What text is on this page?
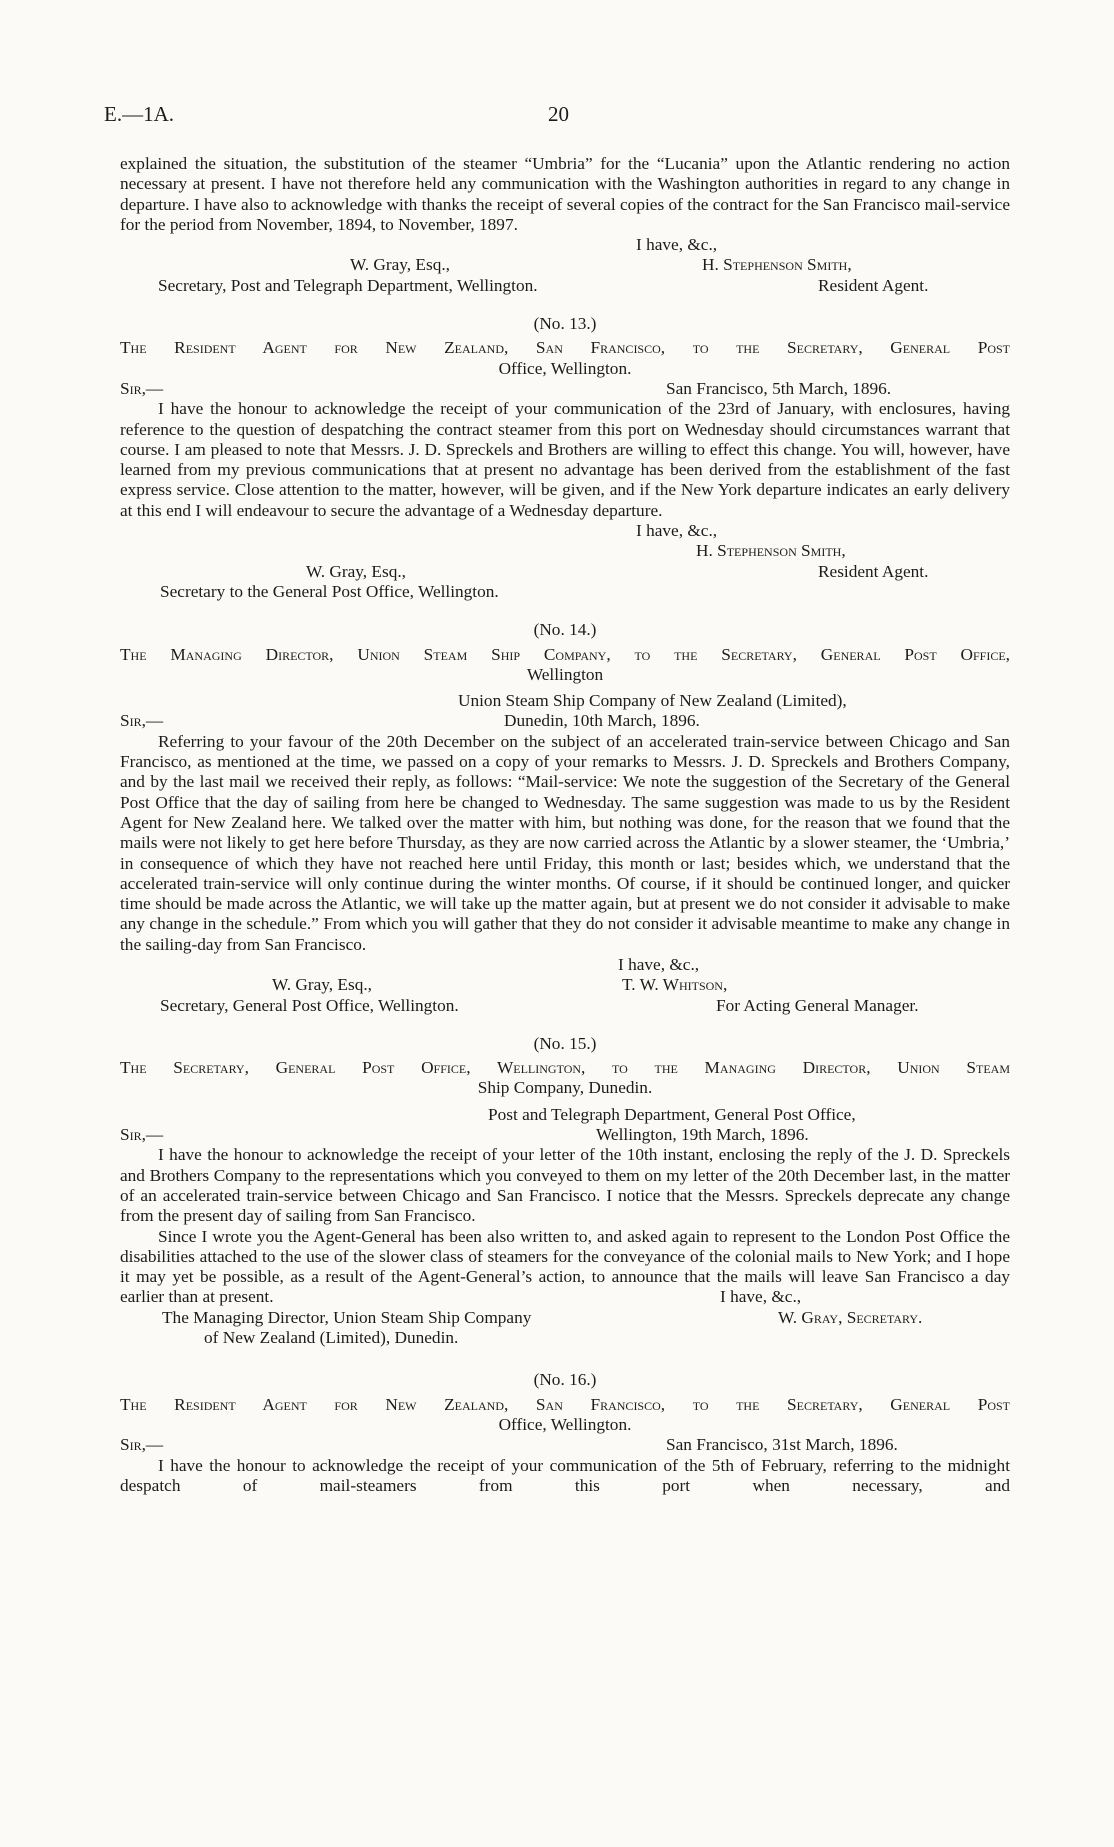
E.—1A.	20

explained the situation, the substitution of the steamer “Umbria” for the “Lucania” upon the Atlantic rendering no action necessary at present. I have not therefore held any communication with the Washington authorities in regard to any change in departure. I have also to acknowledge with thanks the receipt of several copies of the contract for the San Francisco mail-service for the period from November, 1894, to November, 1897.

I have, &c.,
W. Gray, Esq.,	H. Stephenson Smith,
Secretary, Post and Telegraph Department, Wellington.	Resident Agent.
(No. 13.)
The Resident Agent for New Zealand, San Francisco, to the Secretary, General Post
Office, Wellington.
Sir,—	San Francisco, 5th March, 1896.

I have the honour to acknowledge the receipt of your communication of the 23rd of January, with enclosures, having reference to the question of despatching the contract steamer from this port on Wednesday should circumstances warrant that course. I am pleased to note that Messrs. J. D. Spreckels and Brothers are willing to effect this change. You will, however, have learned from my previous communications that at present no advantage has been derived from the establishment of the fast express service. Close attention to the matter, however, will be given, and if the New York departure indicates an early delivery at this end I will endeavour to secure the advantage of a Wednesday departure.

I have, &c.,
H. Stephenson Smith,
W. Gray, Esq.,	Resident Agent.
Secretary to the General Post Office, Wellington.
(No. 14.)
The Managing Director, Union Steam Ship Company, to the Secretary, General Post Office,
Wellington
Union Steam Ship Company of New Zealand (Limited),
Sir,—	Dunedin, 10th March, 1896.

Referring to your favour of the 20th December on the subject of an accelerated train-service between Chicago and San Francisco, as mentioned at the time, we passed on a copy of your remarks to Messrs. J. D. Spreckels and Brothers Company, and by the last mail we received their reply, as follows: “Mail-service: We note the suggestion of the Secretary of the General Post Office that the day of sailing from here be changed to Wednesday. The same suggestion was made to us by the Resident Agent for New Zealand here. We talked over the matter with him, but nothing was done, for the reason that we found that the mails were not likely to get here before Thursday, as they are now carried across the Atlantic by a slower steamer, the ‘Umbria,’ in consequence of which they have not reached here until Friday, this month or last; besides which, we understand that the accelerated train-service will only continue during the winter months. Of course, if it should be continued longer, and quicker time should be made across the Atlantic, we will take up the matter again, but at present we do not consider it advisable to make any change in the schedule.” From which you will gather that they do not consider it advisable meantime to make any change in the sailing-day from San Francisco.

I have, &c.,
W. Gray, Esq.,	T. W. Whitson,
Secretary, General Post Office, Wellington.	For Acting General Manager.
(No. 15.)
The Secretary, General Post Office, Wellington, to the Managing Director, Union Steam
Ship Company, Dunedin.
Post and Telegraph Department, General Post Office,
Sir,—	Wellington, 19th March, 1896.

I have the honour to acknowledge the receipt of your letter of the 10th instant, enclosing the reply of the J. D. Spreckels and Brothers Company to the representations which you conveyed to them on my letter of the 20th December last, in the matter of an accelerated train-service between Chicago and San Francisco. I notice that the Messrs. Spreckels deprecate any change from the present day of sailing from San Francisco.

Since I wrote you the Agent-General has been also written to, and asked again to represent to the London Post Office the disabilities attached to the use of the slower class of steamers for the conveyance of the colonial mails to New York; and I hope it may yet be possible, as a result of the Agent-General’s action, to announce that the mails will leave San Francisco a day earlier than at present.	I have, &c.,
The Managing Director, Union Steam Ship Company	W. Gray, Secretary.
of New Zealand (Limited), Dunedin.
(No. 16.)
The Resident Agent for New Zealand, San Francisco, to the Secretary, General Post
Office, Wellington.
Sir,—	San Francisco, 31st March, 1896.

I have the honour to acknowledge the receipt of your communication of the 5th of February, referring to the midnight despatch of mail-steamers from this port when necessary, and
